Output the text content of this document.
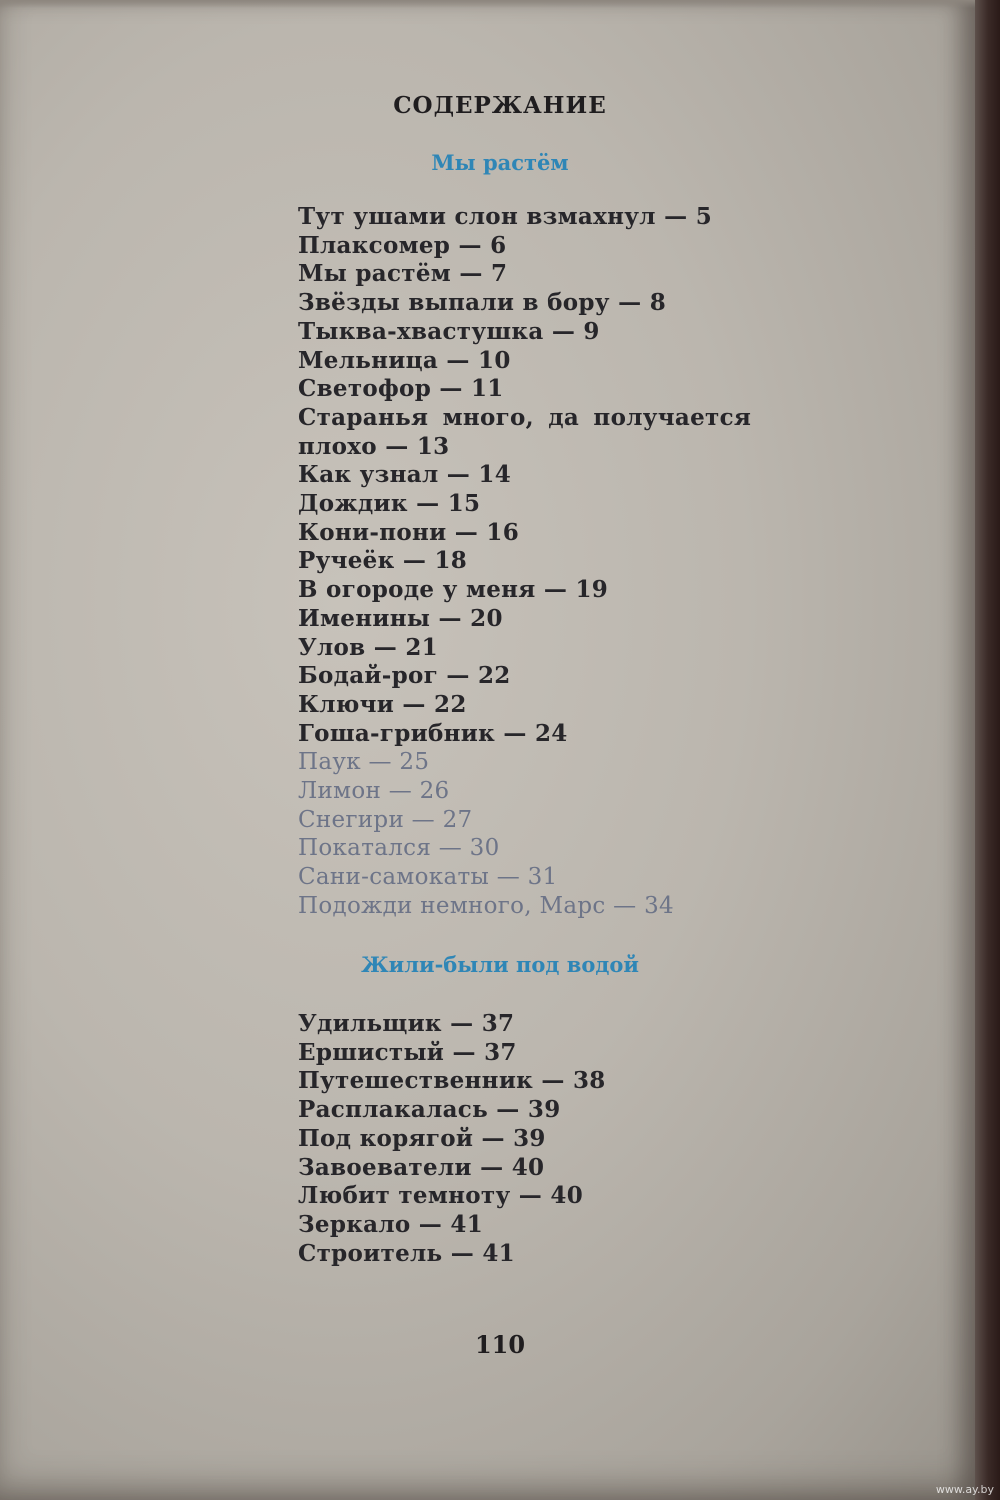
СОДЕРЖАНИЕ
Мы растём
Тут ушами слон взмахнул — 5
Плаксомер — 6
Мы растём — 7
Звёзды выпали в бору — 8
Тыква-хвастушка — 9
Мельница — 10
Светофор — 11
Старанья много, да получается
плохо — 13
Как узнал — 14
Дождик — 15
Кони-пони — 16
Ручеёк — 18
В огороде у меня — 19
Именины — 20
Улов — 21
Бодай-рог — 22
Ключи — 22
Гоша-грибник — 24
Паук — 25
Лимон — 26
Снегири — 27
Покатался — 30
Сани-самокаты — 31
Подожди немного, Марс — 34
Жили-были под водой
Удильщик — 37
Ершистый — 37
Путешественник — 38
Расплакалась — 39
Под корягой — 39
Завоеватели — 40
Любит темноту — 40
Зеркало — 41
Строитель — 41
110
www.ay.by
